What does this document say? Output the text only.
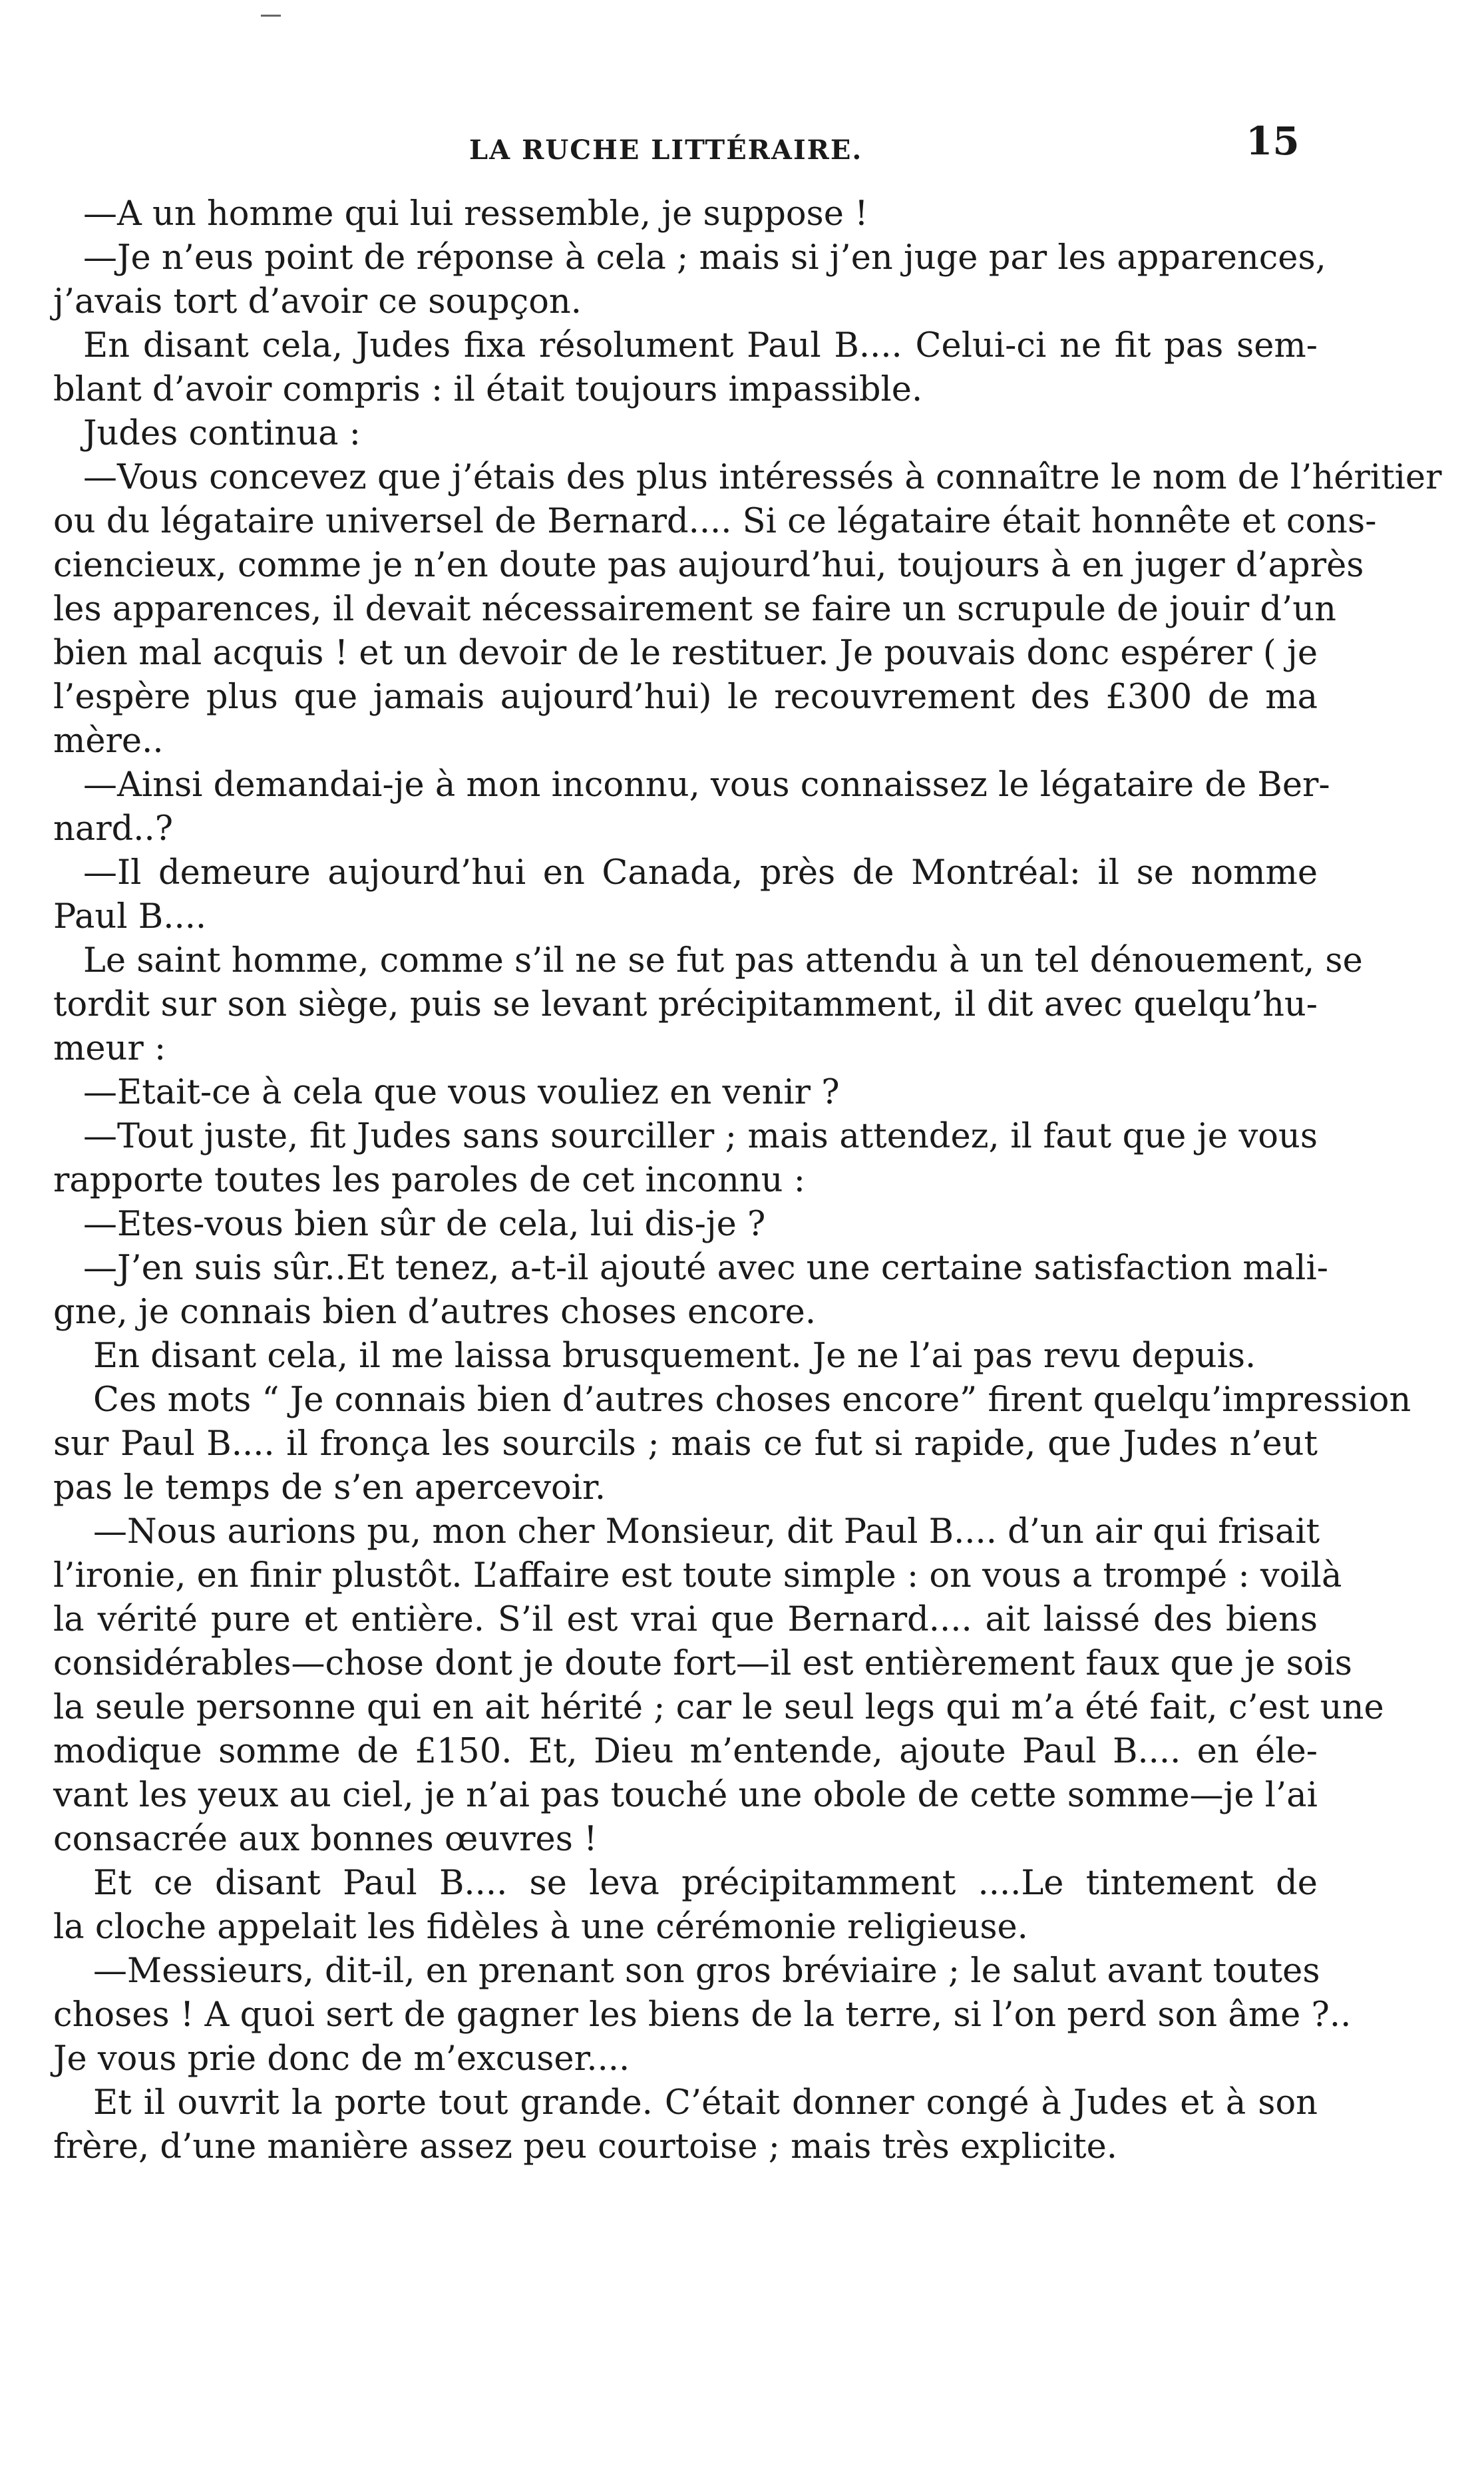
LA RUCHE LITTÉRAIRE.	15
—A un homme qui lui ressemble, je suppose !
—Je n’eus point de réponse à cela ; mais si j’en juge par les apparences,
j’avais tort d’avoir ce soupçon.
En disant cela, Judes fixa résolument Paul B.... Celui-ci ne fit pas sem-
blant d’avoir compris : il était toujours impassible.
Judes continua :
—Vous concevez que j’étais des plus intéressés à connaître le nom de l’héritier
ou du légataire universel de Bernard.... Si ce légataire était honnête et cons-
ciencieux, comme je n’en doute pas aujourd’hui, toujours à en juger d’après
les apparences, il devait nécessairement se faire un scrupule de jouir d’un
bien mal acquis ! et un devoir de le restituer. Je pouvais donc espérer ( je
l’espère plus que jamais aujourd’hui) le recouvrement des £300 de ma
mère..
—Ainsi demandai-je à mon inconnu, vous connaissez le légataire de Ber-
nard..?
—Il demeure aujourd’hui en Canada, près de Montréal: il se nomme
Paul B....
Le saint homme, comme s’il ne se fut pas attendu à un tel dénouement, se
tordit sur son siège, puis se levant précipitamment, il dit avec quelqu’hu-
meur :
—Etait-ce à cela que vous vouliez en venir ?
—Tout juste, fit Judes sans sourciller ; mais attendez, il faut que je vous
rapporte toutes les paroles de cet inconnu :
—Etes-vous bien sûr de cela, lui dis-je ?
—J’en suis sûr..Et tenez, a-t-il ajouté avec une certaine satisfaction mali-
gne, je connais bien d’autres choses encore.
En disant cela, il me laissa brusquement. Je ne l’ai pas revu depuis.
Ces mots “ Je connais bien d’autres choses encore” firent quelqu’impression
sur Paul B.... il fronça les sourcils ; mais ce fut si rapide, que Judes n’eut
pas le temps de s’en apercevoir.
—Nous aurions pu, mon cher Monsieur, dit Paul B.... d’un air qui frisait
l’ironie, en finir plustôt. L’affaire est toute simple : on vous a trompé : voilà
la vérité pure et entière. S’il est vrai que Bernard.... ait laissé des biens
considérables—chose dont je doute fort—il est entièrement faux que je sois
la seule personne qui en ait hérité ; car le seul legs qui m’a été fait, c’est une
modique somme de £150. Et, Dieu m’entende, ajoute Paul B.... en éle-
vant les yeux au ciel, je n’ai pas touché une obole de cette somme—je l’ai
consacrée aux bonnes œuvres !
Et ce disant Paul B.... se leva précipitamment ....Le tintement de
la cloche appelait les fidèles à une cérémonie religieuse.
—Messieurs, dit-il, en prenant son gros bréviaire ; le salut avant toutes
choses ! A quoi sert de gagner les biens de la terre, si l’on perd son âme ?..
Je vous prie donc de m’excuser....
Et il ouvrit la porte tout grande. C’était donner congé à Judes et à son
frère, d’une manière assez peu courtoise ; mais très explicite.
